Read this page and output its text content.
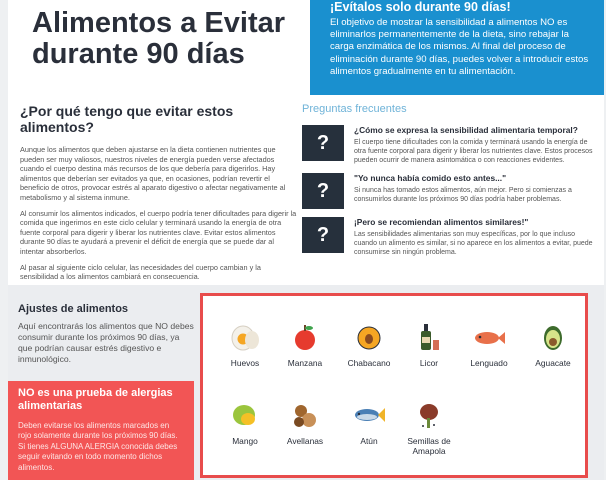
Alimentos a Evitar durante 90 días
¡Evítalos solo durante 90 días!

El objetivo de mostrar la sensibilidad a alimentos NO es eliminarlos permanentemente de la dieta, sino rebajar la carga enzimática de los mismos. Al final del proceso de eliminación durante 90 días, puedes volver a introducir estos alimentos gradualmente en tu alimentación.

¿Por qué tengo que evitar estos alimentos?

Aunque los alimentos que deben ajustarse en la dieta contienen nutrientes que pueden ser muy valiosos, nuestros niveles de energía pueden verse afectados cuando el cuerpo destina más recursos de los que debería para digerirlos. Hay alimentos que deberían ser evitados ya que, en ocasiones, podrían revertir el beneficio de otros, provocar estrés al aparato digestivo o afectar negativamente al metabolismo y al sistema inmune.

Al consumir los alimentos indicados, el cuerpo podría tener dificultades para digerir la comida que ingerimos en este ciclo celular y terminará usando la energía de otra fuente corporal para digerir y liberar los nutrientes clave. Evitar estos alimentos durante 90 días te ayudará a prevenir el déficit de energía que se puede dar al intentar absorberlos.

Al pasar al siguiente ciclo celular, las necesidades del cuerpo cambian y la sensibilidad a los alimentos cambiará en consecuencia.

Preguntas frecuentes
?
¿Cómo se expresa la sensibilidad alimentaria temporal?

El cuerpo tiene dificultades con la comida y terminará usando la energía de otra fuente corporal para digerir y liberar los nutrientes clave. Estos procesos pueden ocurrir de manera asintomática o con reacciones evidentes.

?
"Yo nunca había comido esto antes..."

Si nunca has tomado estos alimentos, aún mejor. Pero si comienzas a consumirlos durante los próximos 90 días podría haber problemas.

?
¡Pero se recomiendan alimentos similares!"

Las sensibilidades alimentarias son muy específicas, por lo que incluso cuando un alimento es similar, si no aparece en los alimentos a evitar, puede consumirse sin ningún problema.

Ajustes de alimentos

Aquí encontrarás los alimentos que NO debes consumir durante los próximos 90 días, ya que podrían causar estrés digestivo e inmunológico.

NO es una prueba de alergias alimentarias

Deben evitarse los alimentos marcados en rojo solamente durante los próximos 90 días. Si tienes ALGUNA ALERGIA conocida debes seguir evitando en todo momento dichos alimentos.

Huevos	Manzana	Chabacano	Licor	Lenguado	Aguacate
Mango	Avellanas	Atún	Semillas de Amapola
